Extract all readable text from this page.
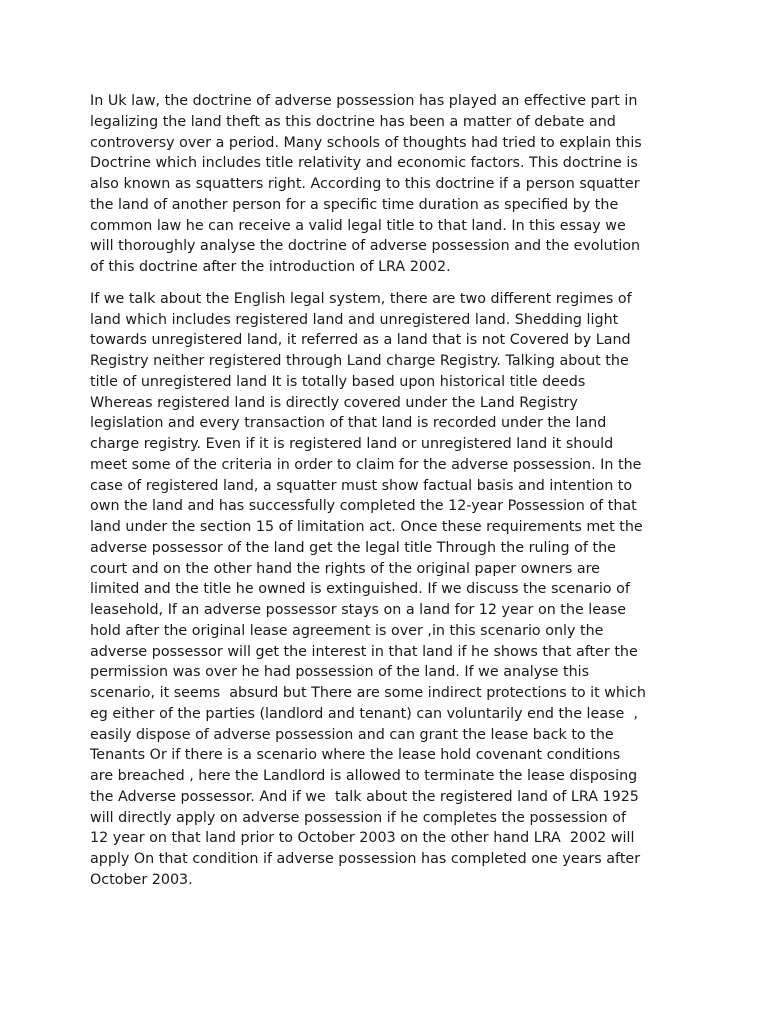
In Uk law, the doctrine of adverse possession has played an effective part in
legalizing the land theft as this doctrine has been a matter of debate and
controversy over a period. Many schools of thoughts had tried to explain this
Doctrine which includes title relativity and economic factors. This doctrine is
also known as squatters right. According to this doctrine if a person squatter
the land of another person for a specific time duration as specified by the
common law he can receive a valid legal title to that land. In this essay we
will thoroughly analyse the doctrine of adverse possession and the evolution
of this doctrine after the introduction of LRA 2002.

If we talk about the English legal system, there are two different regimes of
land which includes registered land and unregistered land. Shedding light
towards unregistered land, it referred as a land that is not Covered by Land
Registry neither registered through Land charge Registry. Talking about the
title of unregistered land It is totally based upon historical title deeds
Whereas registered land is directly covered under the Land Registry
legislation and every transaction of that land is recorded under the land
charge registry. Even if it is registered land or unregistered land it should
meet some of the criteria in order to claim for the adverse possession. In the
case of registered land, a squatter must show factual basis and intention to
own the land and has successfully completed the 12-year Possession of that
land under the section 15 of limitation act. Once these requirements met the
adverse possessor of the land get the legal title Through the ruling of the
court and on the other hand the rights of the original paper owners are
limited and the title he owned is extinguished. If we discuss the scenario of
leasehold, If an adverse possessor stays on a land for 12 year on the lease
hold after the original lease agreement is over ,in this scenario only the
adverse possessor will get the interest in that land if he shows that after the
permission was over he had possession of the land. If we analyse this
scenario, it seems  absurd but There are some indirect protections to it which
eg either of the parties (landlord and tenant) can voluntarily end the lease  ,
easily dispose of adverse possession and can grant the lease back to the
Tenants Or if there is a scenario where the lease hold covenant conditions
are breached , here the Landlord is allowed to terminate the lease disposing
the Adverse possessor. And if we  talk about the registered land of LRA 1925
will directly apply on adverse possession if he completes the possession of
12 year on that land prior to October 2003 on the other hand LRA  2002 will
apply On that condition if adverse possession has completed one years after
October 2003.
